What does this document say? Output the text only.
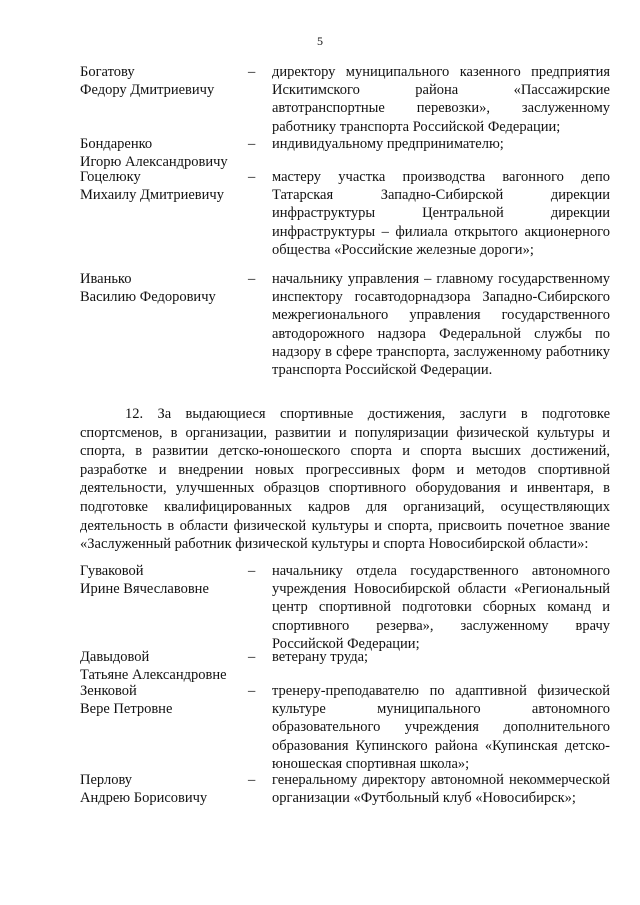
5
Богатову
Федору Дмитриевичу
– директору муниципального казенного предприятия Искитимского района «Пассажирские автотранспортные перевозки», заслуженному работнику транспорта Российской Федерации;
Бондаренко
Игорю Александровичу
– индивидуальному предпринимателю;
Гоцелюку
Михаилу Дмитриевичу
– мастеру участка производства вагонного депо Татарская Западно-Сибирской дирекции инфраструктуры Центральной дирекции инфраструктуры – филиала открытого акционерного общества «Российские железные дороги»;
Иванько
Василию Федоровичу
– начальнику управления – главному государственному инспектору госавтодорнадзора Западно-Сибирского межрегионального управления государственного автодорожного надзора Федеральной службы по надзору в сфере транспорта, заслуженному работнику транспорта Российской Федерации.
12. За выдающиеся спортивные достижения, заслуги в подготовке спортсменов, в организации, развитии и популяризации физической культуры и спорта, в развитии детско-юношеского спорта и спорта высших достижений, разработке и внедрении новых прогрессивных форм и методов спортивной деятельности, улучшенных образцов спортивного оборудования и инвентаря, в подготовке квалифицированных кадров для организаций, осуществляющих деятельность в области физической культуры и спорта, присвоить почетное звание «Заслуженный работник физической культуры и спорта Новосибирской области»:
Гуваковой
Ирине Вячеславовне
– начальнику отдела государственного автономного учреждения Новосибирской области «Региональный центр спортивной подготовки сборных команд и спортивного резерва», заслуженному врачу Российской Федерации;
Давыдовой
Татьяне Александровне
– ветерану труда;
Зенковой
Вере Петровне
– тренеру-преподавателю по адаптивной физической культуре муниципального автономного образовательного учреждения дополнительного образования Купинского района «Купинская детско-юношеская спортивная школа»;
Перлову
Андрею Борисовичу
– генеральному директору автономной некоммерческой организации «Футбольный клуб «Новосибирск»;
